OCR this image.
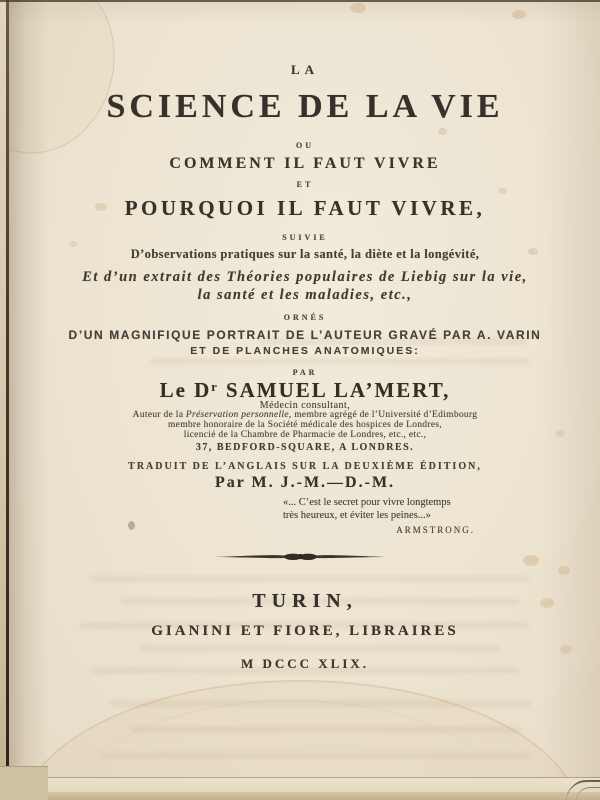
LA
SCIENCE DE LA VIE
OU
COMMENT IL FAUT VIVRE
ET
POURQUOI IL FAUT VIVRE,
SUIVIE
D’observations pratiques sur la santé, la diète et la longévité,
Et d’un extrait des Théories populaires de Liebig sur la vie,
la santé et les maladies, etc.,
ORNÉS
D’UN MAGNIFIQUE PORTRAIT DE L’AUTEUR GRAVÉ PAR A. VARIN
ET DE PLANCHES ANATOMIQUES:
PAR
Le Dʳ SAMUEL LA’MERT,
Médecin consultant,
Auteur de la Préservation personnelle, membre agrégé de l’Université d’Edimbourg
membre honoraire de la Société médicale des hospices de Londres,
licencié de la Chambre de Pharmacie de Londres, etc., etc.,
37, BEDFORD-SQUARE, A LONDRES.
TRADUIT DE L’ANGLAIS SUR LA DEUXIÈME ÉDITION,
Par M. J.-M.—D.-M.
«... C’est le secret pour vivre longtemps
très heureux, et éviter les peines...»
ARMSTRONG.
TURIN,
GIANINI ET FIORE, LIBRAIRES
M DCCC XLIX.
